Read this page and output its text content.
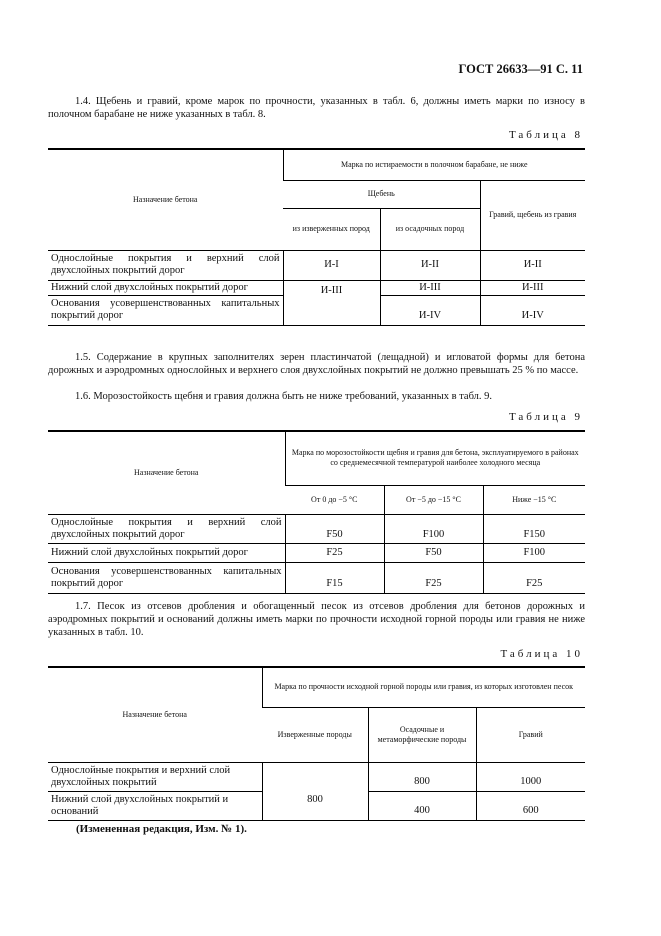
ГОСТ 26633—91 С. 11
1.4. Щебень и гравий, кроме марок по прочности, указанных в табл. 6, должны иметь марки по износу в полочном барабане не ниже указанных в табл. 8.
Таблица 8
Назначение бетона	Марка по истираемости в полочном барабане, не ниже		
	Щебень		Гравий, щебень из гравия
	из изверженных пород	из осадочных пород	
Однослойные покрытия и верхний слой двухслойных покрытий дорог	И-I	И-II	И-II
Нижний слой двухслойных покрытий дорог	И-III	И-III	И-III
Основания усовершенствованных капитальных покрытий дорог		И-IV	И-IV
1.5. Содержание в крупных заполнителях зерен пластинчатой (лещадной) и игловатой формы для бетона дорожных и аэродромных однослойных и верхнего слоя двухслойных покрытий не должно превышать 25 % по массе.
1.6. Морозостойкость щебня и гравия должна быть не ниже требований, указанных в табл. 9.
Таблица 9
Назначение бетона	Марка по морозостойкости щебня и гравия для бетона, эксплуатируемого в районах со среднемесячной температурой наиболее холодного месяца		
	От 0 до −5 °С	От −5 до −15 °С	Ниже −15 °С
Однослойные покрытия и верхний слой двухслойных покрытий дорог	F50	F100	F150
Нижний слой двухслойных покрытий дорог	F25	F50	F100
Основания усовершенствованных капитальных покрытий дорог	F15	F25	F25
1.7. Песок из отсевов дробления и обогащенный песок из отсевов дробления для бетонов дорожных и аэродромных покрытий и оснований должны иметь марки по прочности исходной горной породы или гравия не ниже указанных в табл. 10.
Таблица 10
Назначение бетона	Марка по прочности исходной горной породы или гравия, из которых изготовлен песок		
	Изверженные породы	Осадочные и метаморфические породы	Гравий
Однослойные покрытия и верхний слой двухслойных покрытий	800	800	1000
Нижний слой двухслойных покрытий и оснований		400	600
(Измененная редакция, Изм. № 1).
